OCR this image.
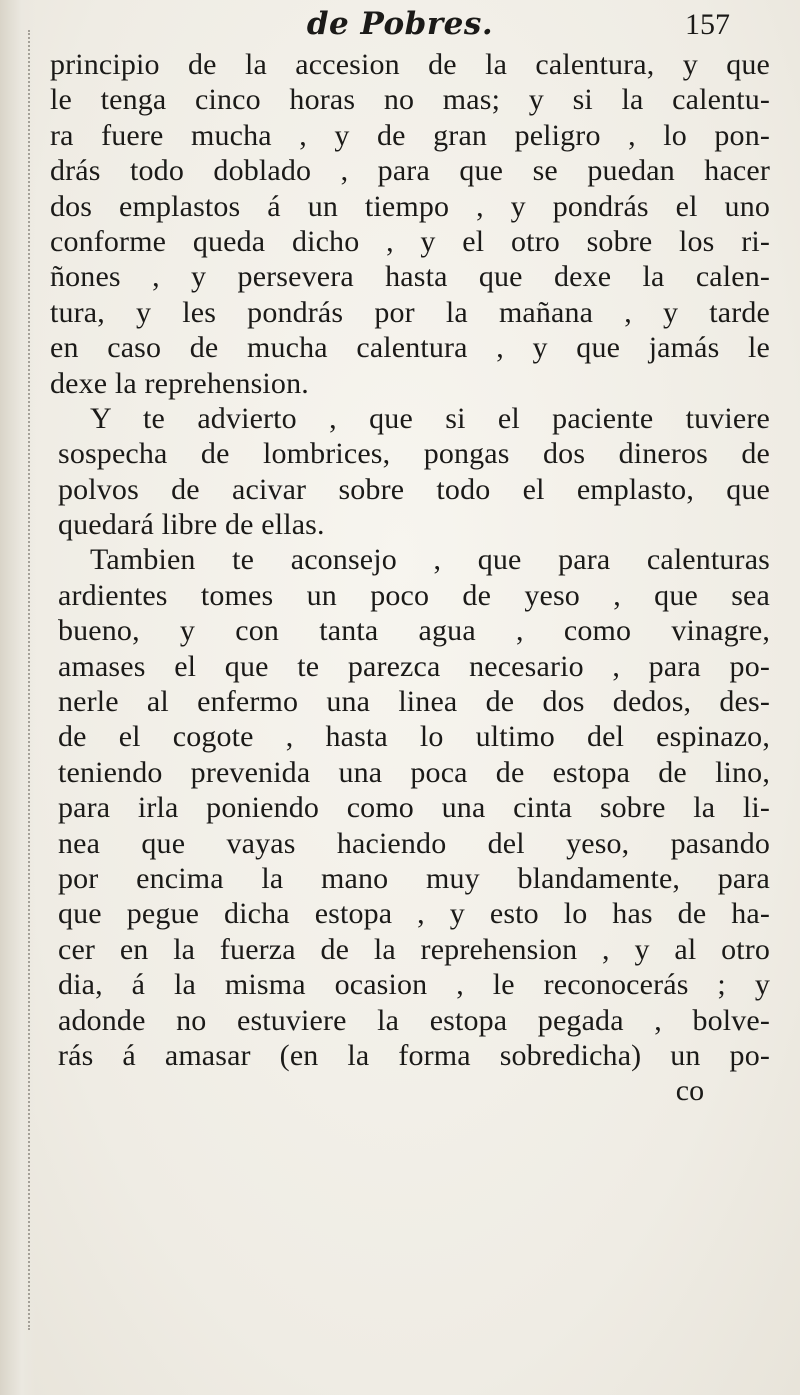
de Pobres.	157
principio de la accesion de la calentura, y que
le tenga cinco horas no mas; y si la calentu-
ra fuere mucha , y de gran peligro , lo pon-
drás todo doblado , para que se puedan hacer
dos emplastos á un tiempo , y pondrás el uno
conforme queda dicho , y el otro sobre los ri-
ñones , y persevera hasta que dexe la calen-
tura, y les pondrás por la mañana , y tarde
en caso de mucha calentura , y que jamás le
dexe la reprehension.
Y te advierto , que si el paciente tuviere
sospecha de lombrices, pongas dos dineros de
polvos de acivar sobre todo el emplasto, que
quedará libre de ellas.
Tambien te aconsejo , que para calenturas
ardientes tomes un poco de yeso , que sea
bueno, y con tanta agua , como vinagre,
amases el que te parezca necesario , para po-
nerle al enfermo una linea de dos dedos, des-
de el cogote , hasta lo ultimo del espinazo,
teniendo prevenida una poca de estopa de lino,
para irla poniendo como una cinta sobre la li-
nea que vayas haciendo del yeso, pasando
por encima la mano muy blandamente, para
que pegue dicha estopa , y esto lo has de ha-
cer en la fuerza de la reprehension , y al otro
dia, á la misma ocasion , le reconocerás ; y
adonde no estuviere la estopa pegada , bolve-
rás á amasar (en la forma sobredicha) un po-
co
